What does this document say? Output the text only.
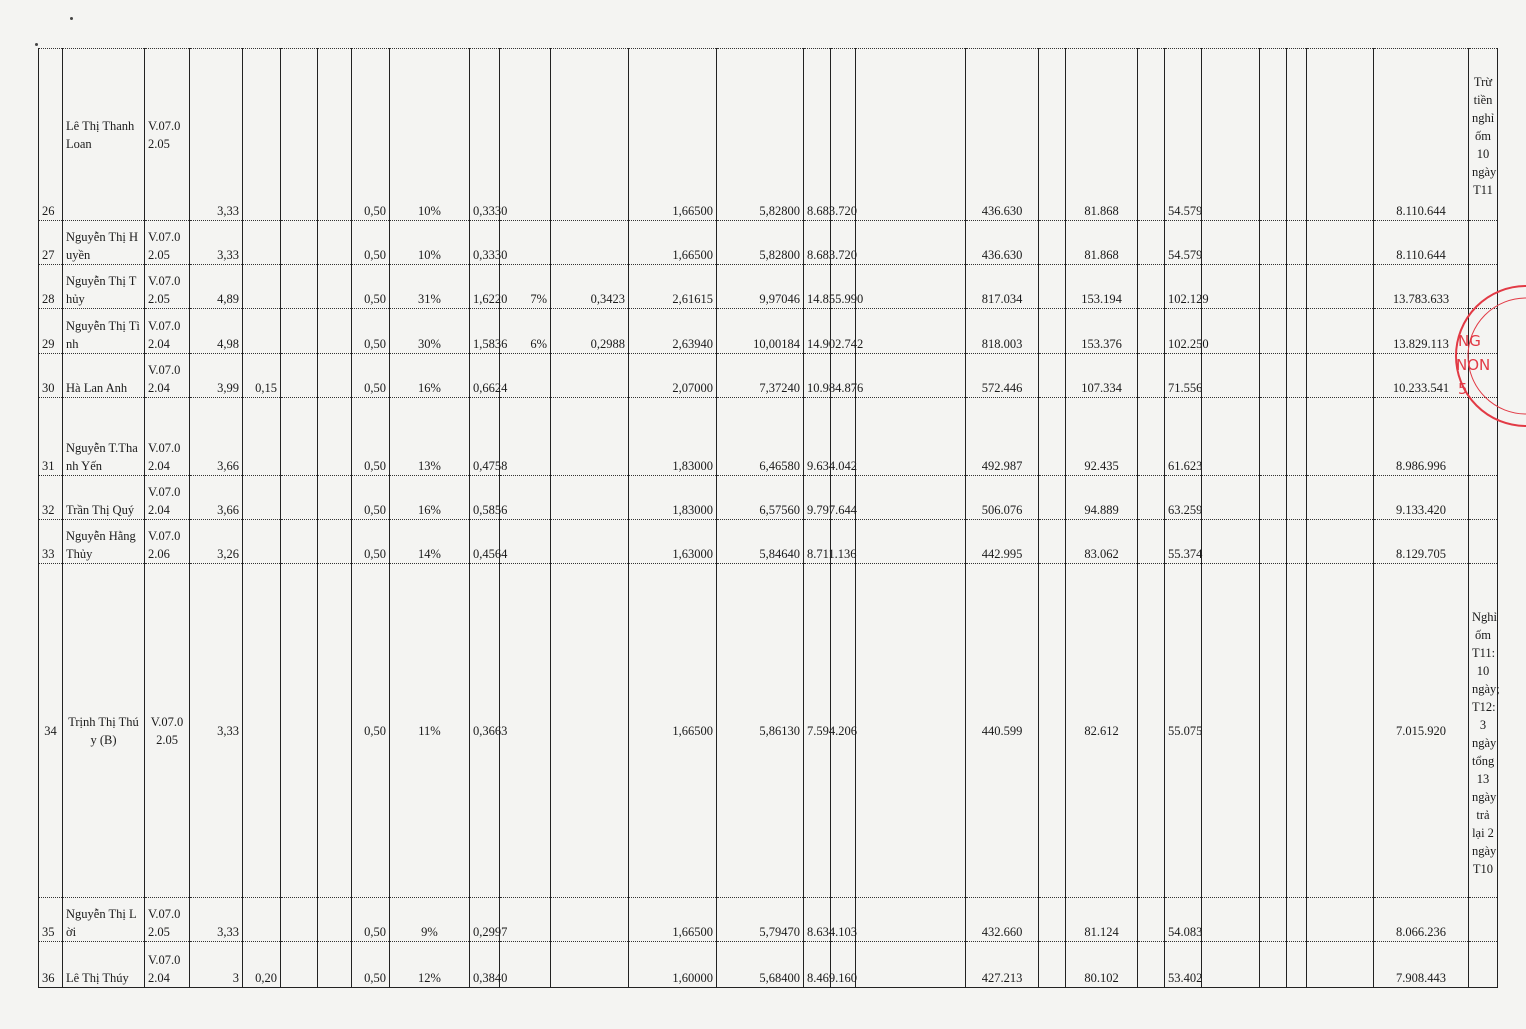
26	Lê Thị Thanh Loan	V.07.0 2.05	3,33				0,50	10%	0,3330			1,66500	5,82800	8.683.720			436.630		81.868		54.579					8.110.644	Trừ tiền nghỉ ốm 10 ngày T11
27	Nguyễn Thị Huyền	V.07.0 2.05	3,33				0,50	10%	0,3330			1,66500	5,82800	8.683.720			436.630		81.868		54.579					8.110.644	
28	Nguyễn Thị Thủy	V.07.0 2.05	4,89				0,50	31%	1,6220	7%	0,3423	2,61615	9,97046	14.855.990			817.034		153.194		102.129					13.783.633	
29	Nguyễn Thị Tình	V.07.0 2.04	4,98				0,50	30%	1,5836	6%	0,2988	2,63940	10,00184	14.902.742			818.003		153.376		102.250					13.829.113	
30	Hà Lan Anh	V.07.0 2.04	3,99	0,15			0,50	16%	0,6624			2,07000	7,37240	10.984.876			572.446		107.334		71.556					10.233.541	
31	Nguyễn T.Thanh Yến	V.07.0 2.04	3,66				0,50	13%	0,4758			1,83000	6,46580	9.634.042			492.987		92.435		61.623					8.986.996	
32	Trần Thị Quý	V.07.0 2.04	3,66				0,50	16%	0,5856			1,83000	6,57560	9.797.644			506.076		94.889		63.259					9.133.420	
33	Nguyễn Hằng Thủy	V.07.0 2.06	3,26				0,50	14%	0,4564			1,63000	5,84640	8.711.136			442.995		83.062		55.374					8.129.705	
34	Trịnh Thị Thúy (B)	V.07.0 2.05	3,33				0,50	11%	0,3663			1,66500	5,86130	7.594.206			440.599		82.612		55.075					7.015.920	Nghỉ ốm T11: 10 ngày; T12: 3 ngày tổng 13 ngày trả lại 2 ngày T10
35	Nguyễn Thị Lời	V.07.0 2.05	3,33				0,50	9%	0,2997			1,66500	5,79470	8.634.103			432.660		81.124		54.083					8.066.236	
36	Lê Thị Thúy	V.07.0 2.04	3	0,20			0,50	12%	0,3840			1,60000	5,68400	8.469.160			427.213		80.102		53.402					7.908.443	
NG
NON
5
